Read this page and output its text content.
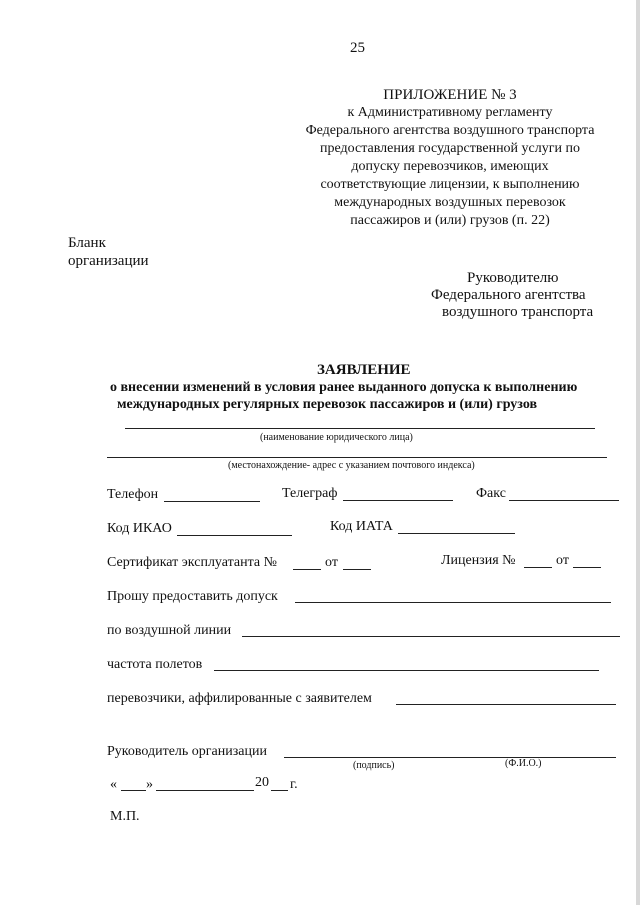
25
ПРИЛОЖЕНИЕ № 3
к Административному регламенту
Федерального агентства воздушного транспорта
предоставления государственной услуги по
допуску перевозчиков, имеющих
соответствующие лицензии, к выполнению
международных воздушных перевозок
пассажиров и (или) грузов (п. 22)
Бланк
организации
Руководителю
Федерального агентства
воздушного транспорта
ЗАЯВЛЕНИЕ
о внесении изменений в условия ранее выданного допуска к выполнению
международных регулярных перевозок пассажиров и (или) грузов
(наименование юридического лица)
(местонахождение- адрес с указанием почтового индекса)
Телефон	Телеграф	Факс
Код ИКАО	Код ИАТА
Сертификат эксплуатанта №	от	Лицензия №	от
Прошу предоставить допуск
по воздушной линии
частота полетов
перевозчики, аффилированные с заявителем
Руководитель организации
(подпись)	(Ф.И.О.)
« »	20 г.
М.П.
